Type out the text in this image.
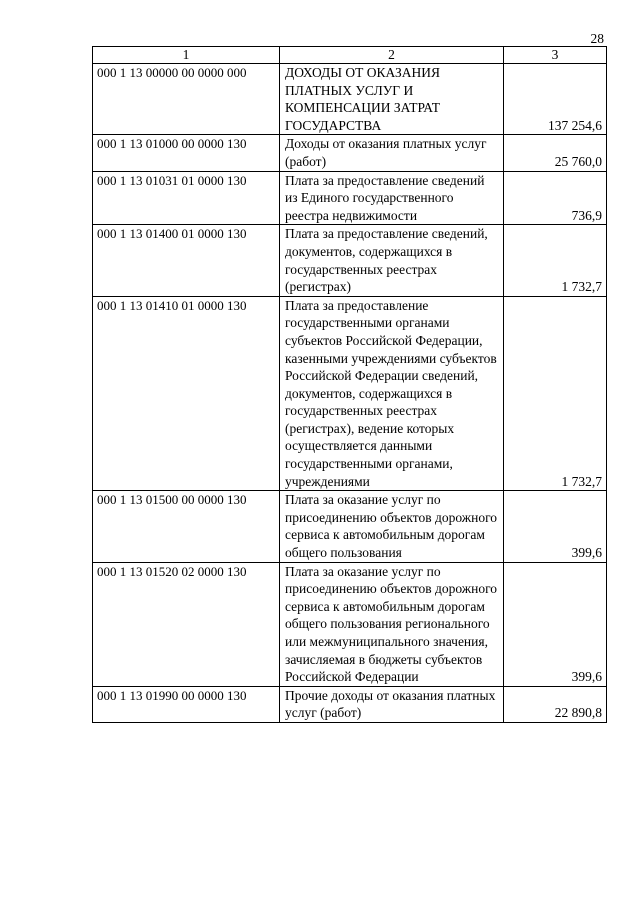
28
1	2	3
000 1 13 00000 00 0000 000	ДОХОДЫ ОТ ОКАЗАНИЯ ПЛАТНЫХ УСЛУГ И КОМПЕНСАЦИИ ЗАТРАТ ГОСУДАРСТВА	137 254,6
000 1 13 01000 00 0000 130	Доходы от оказания платных услуг (работ)	25 760,0
000 1 13 01031 01 0000 130	Плата за предоставление сведений из Единого государственного реестра недвижимости	736,9
000 1 13 01400 01 0000 130	Плата за предоставление сведений, документов, содержащихся в государственных реестрах (регистрах)	1 732,7
000 1 13 01410 01 0000 130	Плата за предоставление государственными органами субъектов Российской Федерации, казенными учреждениями субъектов Российской Федерации сведений, документов, содержащихся в государственных реестрах (регистрах), ведение которых осуществляется данными государственными органами, учреждениями	1 732,7
000 1 13 01500 00 0000 130	Плата за оказание услуг по присоединению объектов дорожного сервиса к автомобильным дорогам общего пользования	399,6
000 1 13 01520 02 0000 130	Плата за оказание услуг по присоединению объектов дорожного сервиса к автомобильным дорогам общего пользования регионального или межмуниципального значения, зачисляемая в бюджеты субъектов Российской Федерации	399,6
000 1 13 01990 00 0000 130	Прочие доходы от оказания платных услуг (работ)	22 890,8
